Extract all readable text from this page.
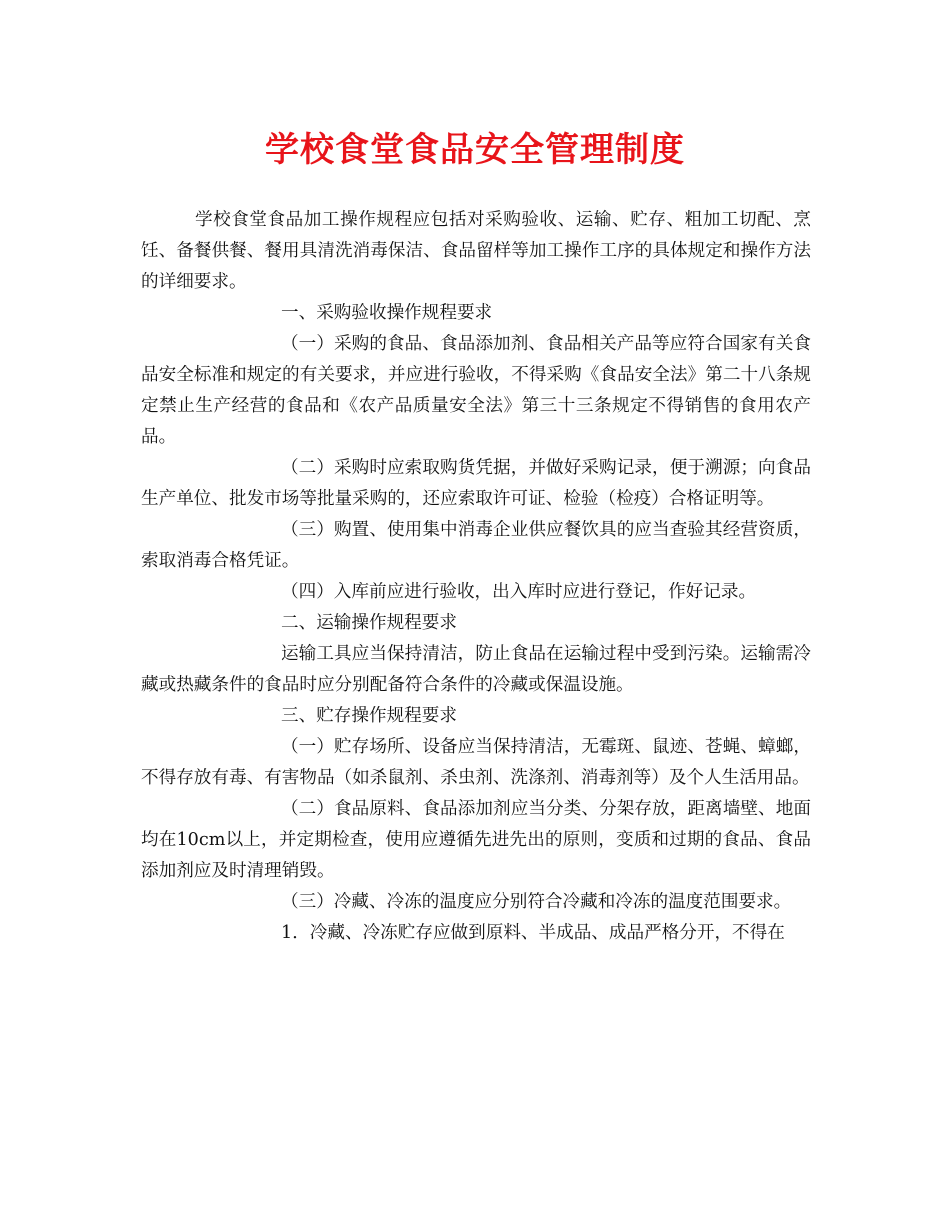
学校食堂食品安全管理制度

学校食堂食品加工操作规程应包括对采购验收、运输、贮存、粗加工切配、烹饪、备餐供餐、餐用具清洗消毒保洁、食品留样等加工操作工序的具体规定和操作方法的详细要求。

一、采购验收操作规程要求

（一）采购的食品、食品添加剂、食品相关产品等应符合国家有关食品安全标准和规定的有关要求，并应进行验收，不得采购《食品安全法》第二十八条规定禁止生产经营的食品和《农产品质量安全法》第三十三条规定不得销售的食用农产品。

（二）采购时应索取购货凭据，并做好采购记录，便于溯源；向食品生产单位、批发市场等批量采购的，还应索取许可证、检验（检疫）合格证明等。

（三）购置、使用集中消毒企业供应餐饮具的应当查验其经营资质，索取消毒合格凭证。

（四）入库前应进行验收，出入库时应进行登记，作好记录。

二、运输操作规程要求

运输工具应当保持清洁，防止食品在运输过程中受到污染。运输需冷藏或热藏条件的食品时应分别配备符合条件的冷藏或保温设施。

三、贮存操作规程要求

（一）贮存场所、设备应当保持清洁，无霉斑、鼠迹、苍蝇、蟑螂，不得存放有毒、有害物品（如杀鼠剂、杀虫剂、洗涤剂、消毒剂等）及个人生活用品。

（二）食品原料、食品添加剂应当分类、分架存放，距离墙壁、地面均在10cm以上，并定期检查，使用应遵循先进先出的原则，变质和过期的食品、食品添加剂应及时清理销毁。

（三）冷藏、冷冻的温度应分别符合冷藏和冷冻的温度范围要求。

1．冷藏、冷冻贮存应做到原料、半成品、成品严格分开，不得在
